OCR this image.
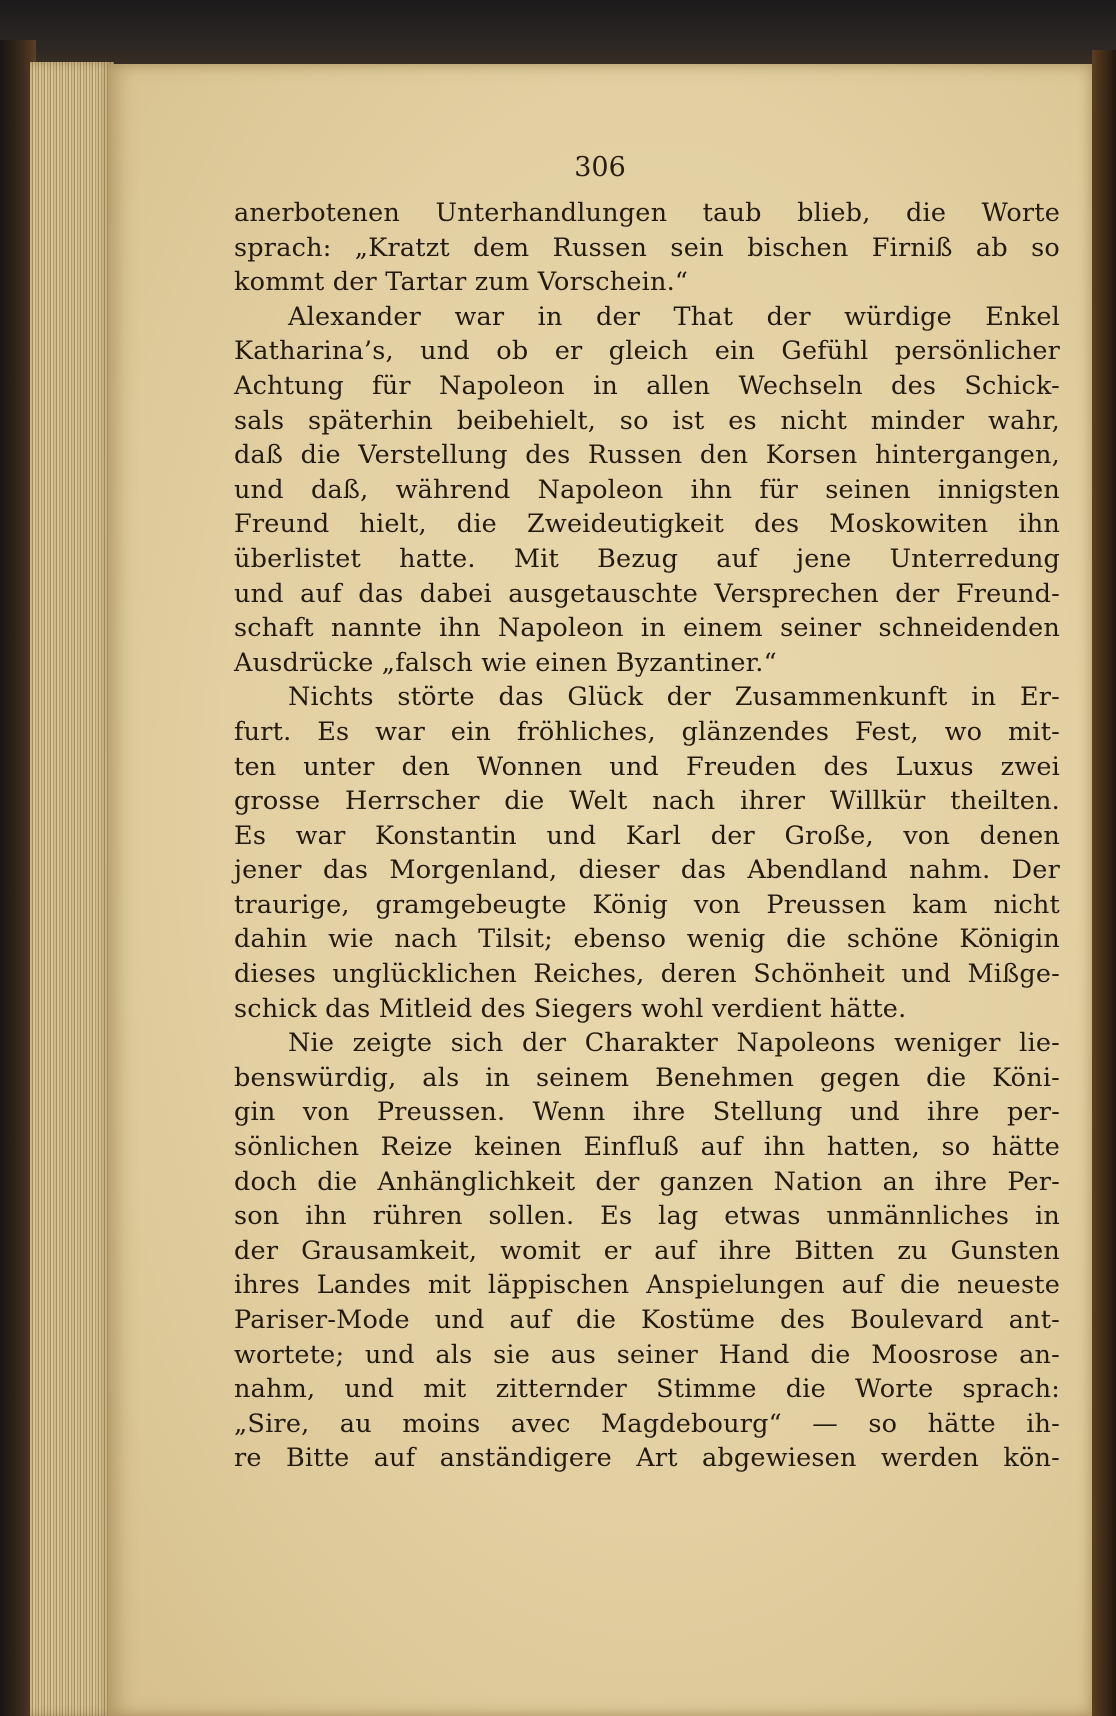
306
anerbotenen Unterhandlungen taub blieb, die Worte
sprach: „Kratzt dem Russen sein bischen Firniß ab so
kommt der Tartar zum Vorschein.“
Alexander war in der That der würdige Enkel
Katharina’s, und ob er gleich ein Gefühl persönlicher
Achtung für Napoleon in allen Wechseln des Schick-
sals späterhin beibehielt, so ist es nicht minder wahr,
daß die Verstellung des Russen den Korsen hintergangen,
und daß, während Napoleon ihn für seinen innigsten
Freund hielt, die Zweideutigkeit des Moskowiten ihn
überlistet hatte. Mit Bezug auf jene Unterredung
und auf das dabei ausgetauschte Versprechen der Freund-
schaft nannte ihn Napoleon in einem seiner schneidenden
Ausdrücke „falsch wie einen Byzantiner.“
Nichts störte das Glück der Zusammenkunft in Er-
furt. Es war ein fröhliches, glänzendes Fest, wo mit-
ten unter den Wonnen und Freuden des Luxus zwei
grosse Herrscher die Welt nach ihrer Willkür theilten.
Es war Konstantin und Karl der Große, von denen
jener das Morgenland, dieser das Abendland nahm. Der
traurige, gramgebeugte König von Preussen kam nicht
dahin wie nach Tilsit; ebenso wenig die schöne Königin
dieses unglücklichen Reiches, deren Schönheit und Mißge-
schick das Mitleid des Siegers wohl verdient hätte.
Nie zeigte sich der Charakter Napoleons weniger lie-
benswürdig, als in seinem Benehmen gegen die Köni-
gin von Preussen. Wenn ihre Stellung und ihre per-
sönlichen Reize keinen Einfluß auf ihn hatten, so hätte
doch die Anhänglichkeit der ganzen Nation an ihre Per-
son ihn rühren sollen. Es lag etwas unmännliches in
der Grausamkeit, womit er auf ihre Bitten zu Gunsten
ihres Landes mit läppischen Anspielungen auf die neueste
Pariser-Mode und auf die Kostüme des Boulevard ant-
wortete; und als sie aus seiner Hand die Moosrose an-
nahm, und mit zitternder Stimme die Worte sprach:
„Sire, au moins avec Magdebourg“ — so hätte ih-
re Bitte auf anständigere Art abgewiesen werden kön-
